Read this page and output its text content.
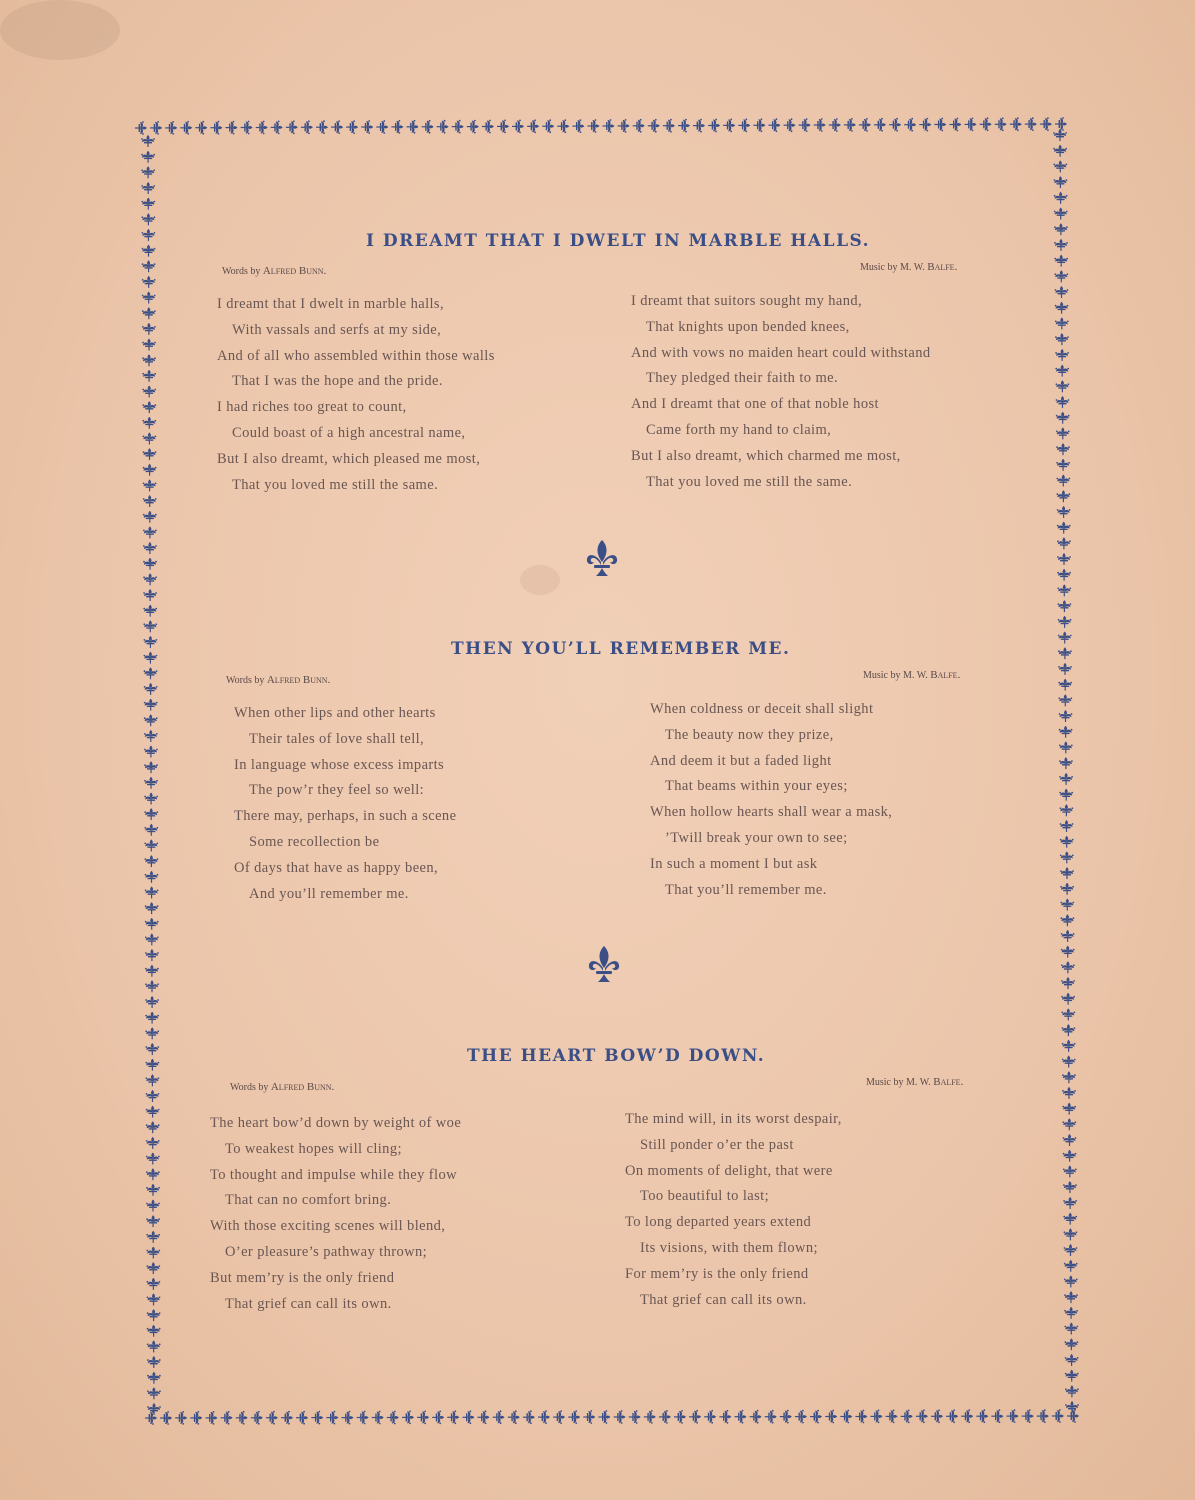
I DREAMT THAT I DWELT IN MARBLE HALLS.
Words by Alfred Bunn.	Music by M. W. Balfe.
I dreamt that I dwelt in marble halls,
With vassals and serfs at my side,
And of all who assembled within those walls
That I was the hope and the pride.
I had riches too great to count,
Could boast of a high ancestral name,
But I also dreamt, which pleased me most,
That you loved me still the same.
I dreamt that suitors sought my hand,
That knights upon bended knees,
And with vows no maiden heart could withstand
They pledged their faith to me.
And I dreamt that one of that noble host
Came forth my hand to claim,
But I also dreamt, which charmed me most,
That you loved me still the same.
THEN YOU’LL REMEMBER ME.
Words by Alfred Bunn.	Music by M. W. Balfe.
When other lips and other hearts
Their tales of love shall tell,
In language whose excess imparts
The pow’r they feel so well:
There may, perhaps, in such a scene
Some recollection be
Of days that have as happy been,
And you’ll remember me.
When coldness or deceit shall slight
The beauty now they prize,
And deem it but a faded light
That beams within your eyes;
When hollow hearts shall wear a mask,
’Twill break your own to see;
In such a moment I but ask
That you’ll remember me.
THE HEART BOW’D DOWN.
Words by Alfred Bunn.	Music by M. W. Balfe.
The heart bow’d down by weight of woe
To weakest hopes will cling;
To thought and impulse while they flow
That can no comfort bring.
With those exciting scenes will blend,
O’er pleasure’s pathway thrown;
But mem’ry is the only friend
That grief can call its own.
The mind will, in its worst despair,
Still ponder o’er the past
On moments of delight, that were
Too beautiful to last;
To long departed years extend
Its visions, with them flown;
For mem’ry is the only friend
That grief can call its own.
